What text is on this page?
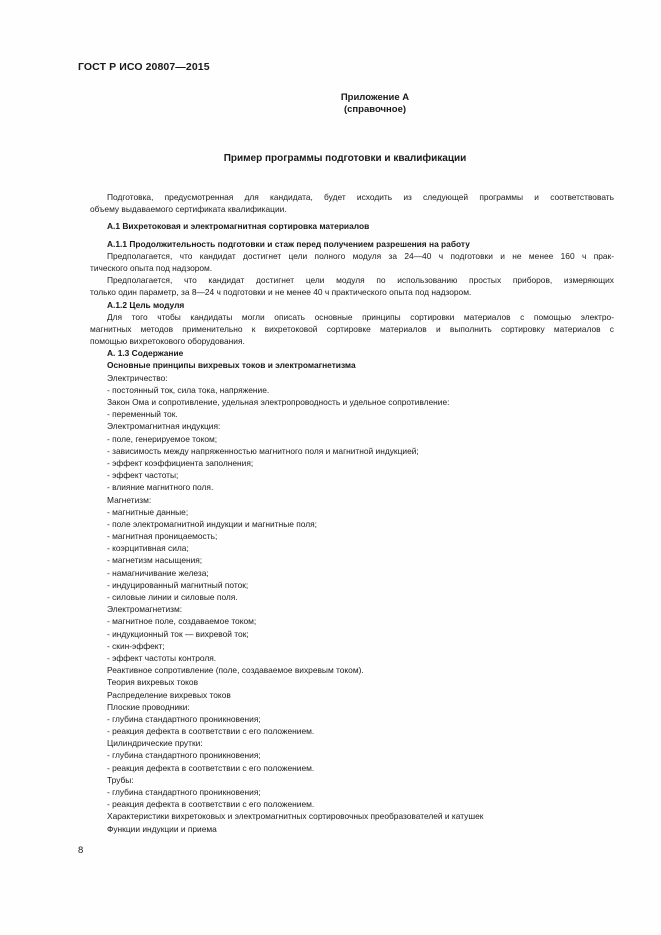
ГОСТ Р ИСО 20807—2015
Приложение А
(справочное)
Пример программы подготовки и квалификации
Подготовка, предусмотренная для кандидата, будет исходить из следующей программы и соответствовать
объему выдаваемого сертификата квалификации.
А.1 Вихретоковая и электромагнитная сортировка материалов
А.1.1 Продолжительность подготовки и стаж перед получением разрешения на работу
Предполагается, что кандидат достигнет цели полного модуля за 24—40 ч подготовки и не менее 160 ч прак-
тического опыта под надзором.
Предполагается, что кандидат достигнет цели модуля по использованию простых приборов, измеряющих
только один параметр, за 8—24 ч подготовки и не менее 40 ч практического опыта под надзором.
А.1.2 Цель модуля
Для того чтобы кандидаты могли описать основные принципы сортировки материалов с помощью электро-
магнитных методов применительно к вихретоковой сортировке материалов и выполнить сортировку материалов с
помощью вихретокового оборудования.
А. 1.3 Содержание
Основные принципы вихревых токов и электромагнетизма
Электричество:
- постоянный ток, сила тока, напряжение.
Закон Ома и сопротивление, удельная электропроводность и удельное сопротивление:
- переменный ток.
Электромагнитная индукция:
- поле, генерируемое током;
- зависимость между напряженностью магнитного поля и магнитной индукцией;
- эффект коэффициента заполнения;
- эффект частоты;
- влияние магнитного поля.
Магнетизм:
- магнитные данные;
- поле электромагнитной индукции и магнитные поля;
- магнитная проницаемость;
- коэрцитивная сила;
- магнетизм насыщения;
- намагничивание железа;
- индуцированный магнитный поток;
- силовые линии и силовые поля.
Электромагнетизм:
- магнитное поле, создаваемое током;
- индукционный ток — вихревой ток;
- скин-эффект;
- эффект частоты контроля.
Реактивное сопротивление (поле, создаваемое вихревым током).
Теория вихревых токов
Распределение вихревых токов
Плоские проводники:
- глубина стандартного проникновения;
- реакция дефекта в соответствии с его положением.
Цилиндрические прутки:
- глубина стандартного проникновения;
- реакция дефекта в соответствии с его положением.
Трубы:
- глубина стандартного проникновения;
- реакция дефекта в соответствии с его положением.
Характеристики вихретоковых и электромагнитных сортировочных преобразователей и катушек
Функции индукции и приема
8
